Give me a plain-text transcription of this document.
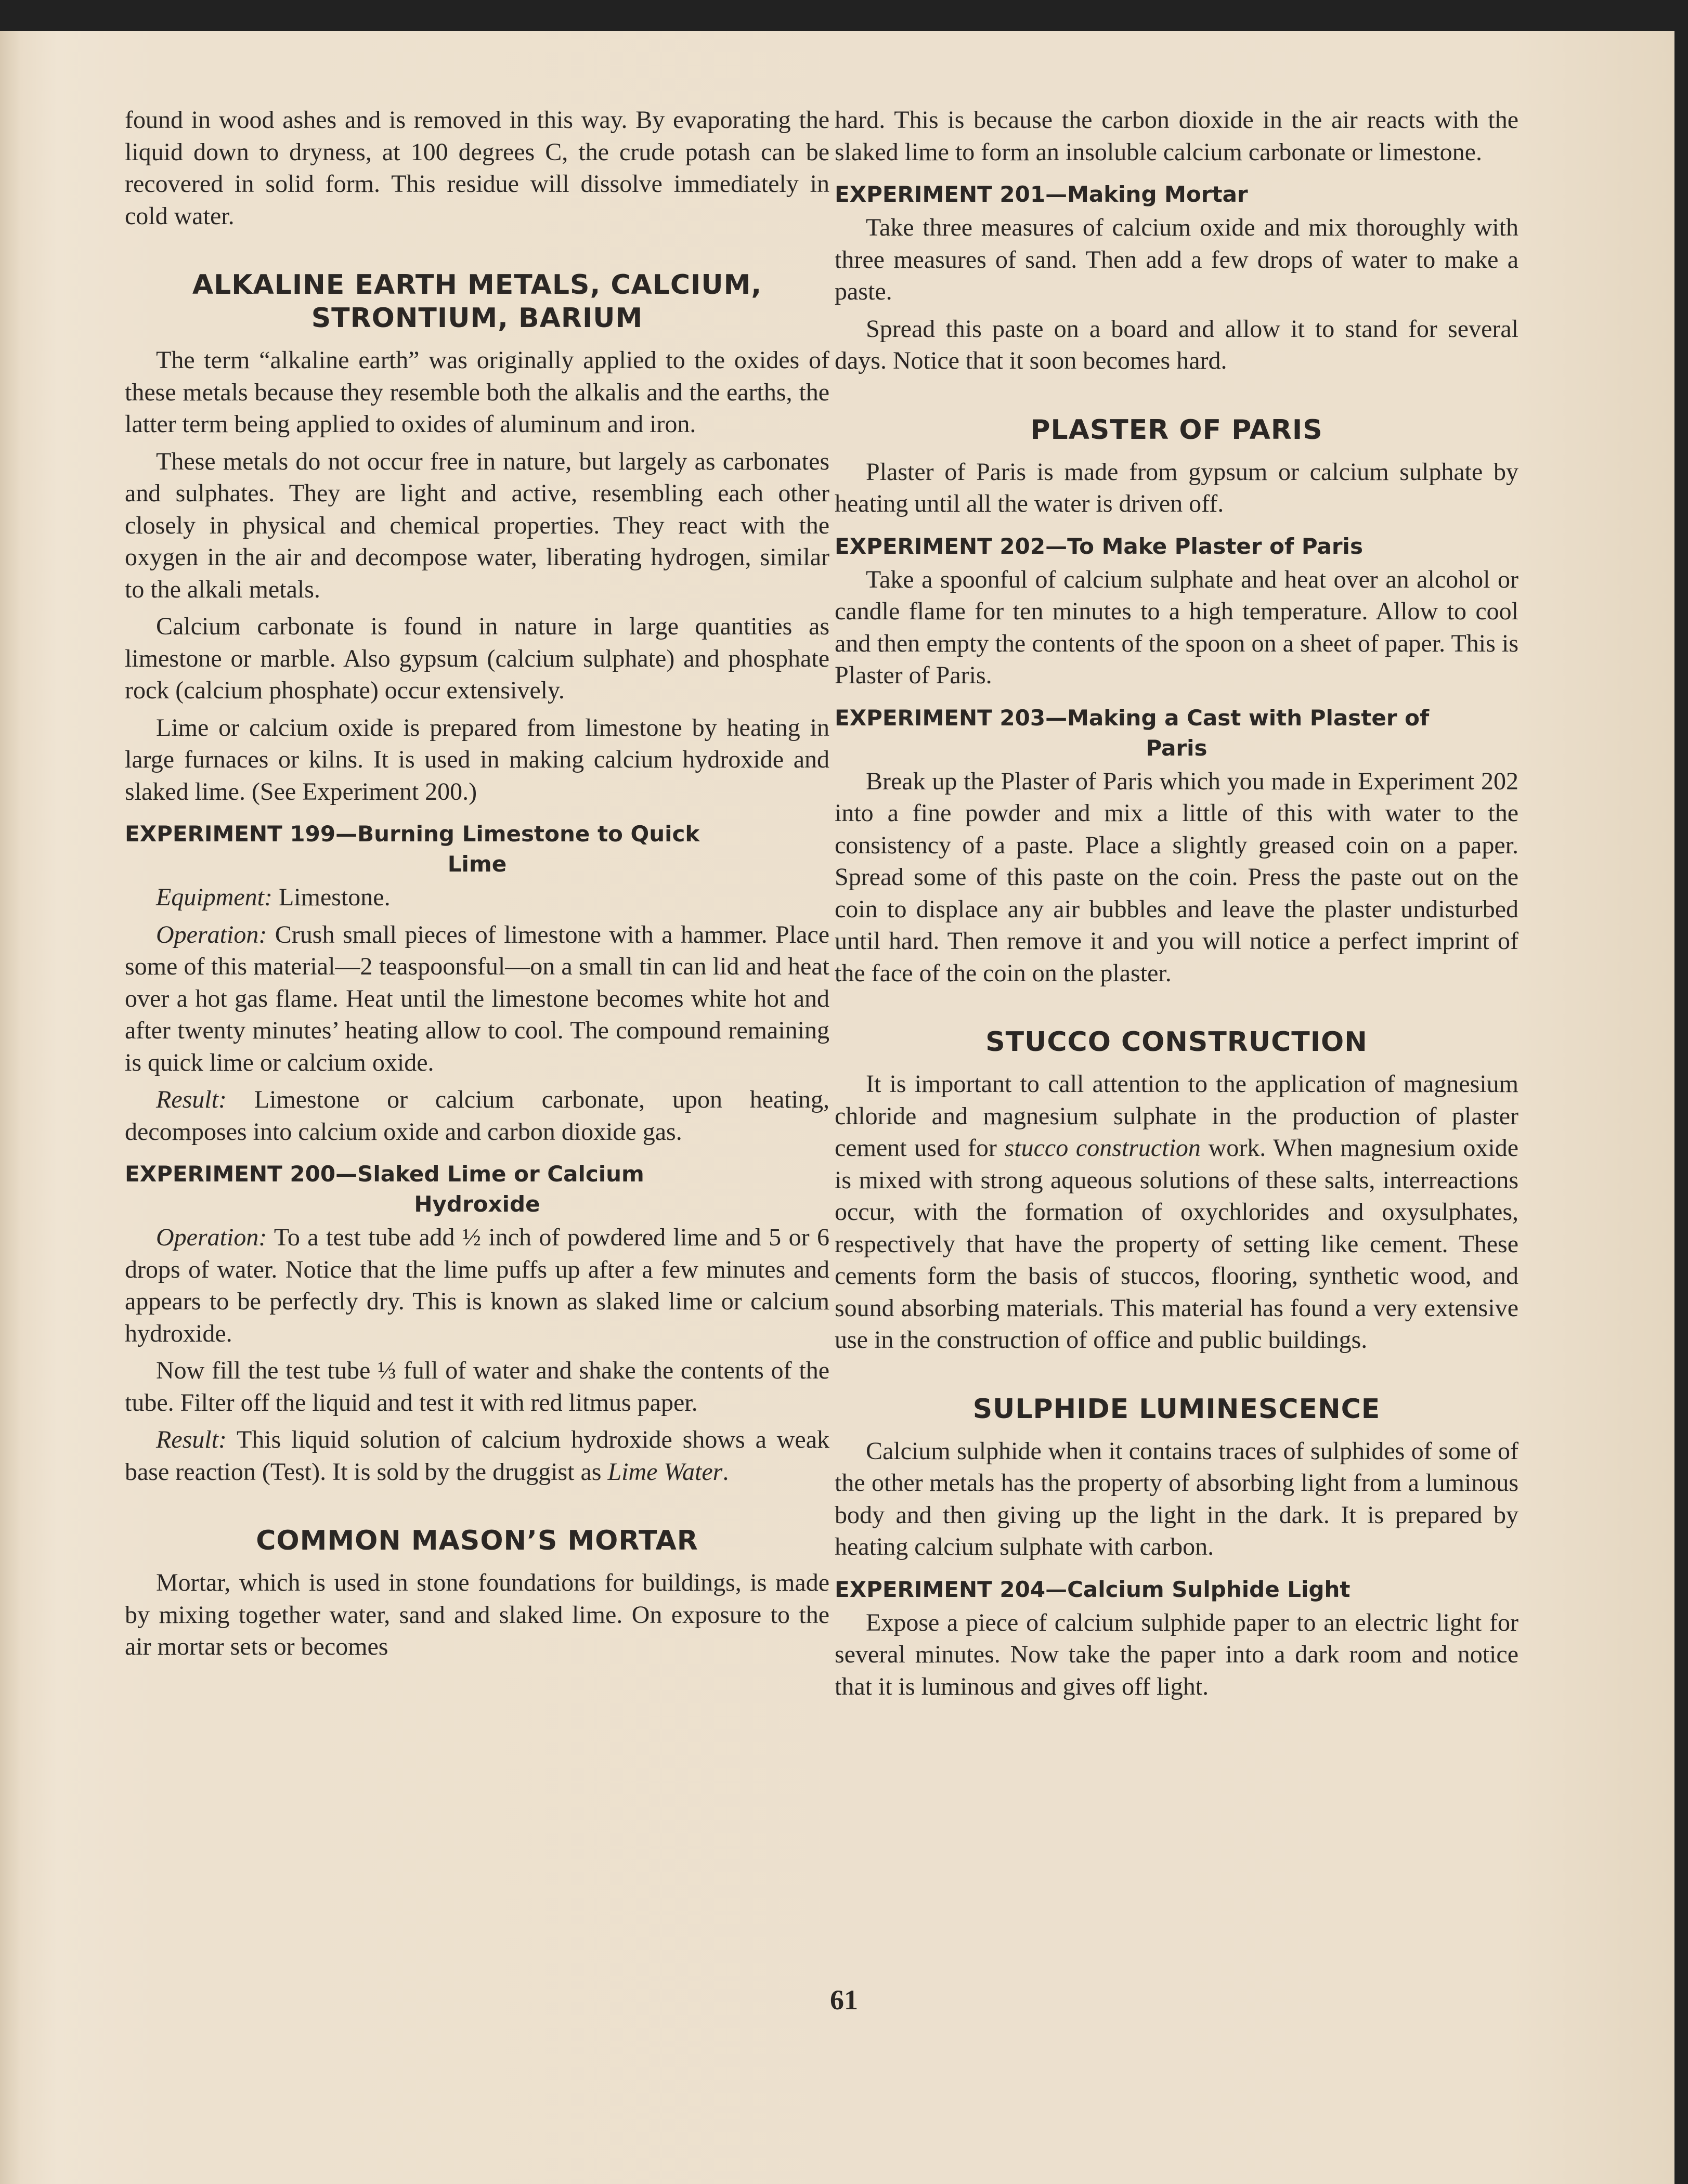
found in wood ashes and is removed in this way. By evaporating the liquid down to dryness, at 100 degrees C, the crude potash can be recovered in solid form. This residue will dissolve immediately in cold water.

ALKALINE EARTH METALS, CALCIUM, STRONTIUM, BARIUM

The term “alkaline earth” was originally applied to the oxides of these metals because they resemble both the alkalis and the earths, the latter term being applied to oxides of aluminum and iron.

These metals do not occur free in nature, but largely as carbonates and sulphates. They are light and active, resembling each other closely in physical and chemical properties. They react with the oxygen in the air and decompose water, liberating hydrogen, similar to the alkali metals.

Calcium carbonate is found in nature in large quantities as limestone or marble. Also gypsum (calcium sulphate) and phosphate rock (calcium phosphate) occur extensively.

Lime or calcium oxide is prepared from limestone by heating in large furnaces or kilns. It is used in making calcium hydroxide and slaked lime. (See Experiment 200.)

EXPERIMENT 199—Burning Limestone to Quick
Lime

Equipment: Limestone.

Operation: Crush small pieces of limestone with a hammer. Place some of this material—2 teaspoonsful—on a small tin can lid and heat over a hot gas flame. Heat until the limestone becomes white hot and after twenty minutes’ heating allow to cool. The compound remaining is quick lime or calcium oxide.

Result: Limestone or calcium carbonate, upon heating, decomposes into calcium oxide and carbon dioxide gas.

EXPERIMENT 200—Slaked Lime or Calcium
Hydroxide

Operation: To a test tube add ½ inch of powdered lime and 5 or 6 drops of water. Notice that the lime puffs up after a few minutes and appears to be perfectly dry. This is known as slaked lime or calcium hydroxide.

Now fill the test tube ⅓ full of water and shake the contents of the tube. Filter off the liquid and test it with red litmus paper.

Result: This liquid solution of calcium hydroxide shows a weak base reaction (Test). It is sold by the druggist as Lime Water.

COMMON MASON’S MORTAR

Mortar, which is used in stone foundations for buildings, is made by mixing together water, sand and slaked lime. On exposure to the air mortar sets or becomes

hard. This is because the carbon dioxide in the air reacts with the slaked lime to form an insoluble calcium carbonate or limestone.

EXPERIMENT 201—Making Mortar

Take three measures of calcium oxide and mix thoroughly with three measures of sand. Then add a few drops of water to make a paste.

Spread this paste on a board and allow it to stand for several days. Notice that it soon becomes hard.

PLASTER OF PARIS

Plaster of Paris is made from gypsum or calcium sulphate by heating until all the water is driven off.

EXPERIMENT 202—To Make Plaster of Paris

Take a spoonful of calcium sulphate and heat over an alcohol or candle flame for ten minutes to a high temperature. Allow to cool and then empty the contents of the spoon on a sheet of paper. This is Plaster of Paris.

EXPERIMENT 203—Making a Cast with Plaster of
Paris

Break up the Plaster of Paris which you made in Experiment 202 into a fine powder and mix a little of this with water to the consistency of a paste. Place a slightly greased coin on a paper. Spread some of this paste on the coin. Press the paste out on the coin to displace any air bubbles and leave the plaster undisturbed until hard. Then remove it and you will notice a perfect imprint of the face of the coin on the plaster.

STUCCO CONSTRUCTION

It is important to call attention to the application of magnesium chloride and magnesium sulphate in the production of plaster cement used for stucco construction work. When magnesium oxide is mixed with strong aqueous solutions of these salts, interreactions occur, with the formation of oxychlorides and oxysulphates, respectively that have the property of setting like cement. These cements form the basis of stuccos, flooring, synthetic wood, and sound absorbing materials. This material has found a very extensive use in the construction of office and public buildings.

SULPHIDE LUMINESCENCE

Calcium sulphide when it contains traces of sulphides of some of the other metals has the property of absorbing light from a luminous body and then giving up the light in the dark. It is prepared by heating calcium sulphate with carbon.

EXPERIMENT 204—Calcium Sulphide Light

Expose a piece of calcium sulphide paper to an electric light for several minutes. Now take the paper into a dark room and notice that it is luminous and gives off light.

61
